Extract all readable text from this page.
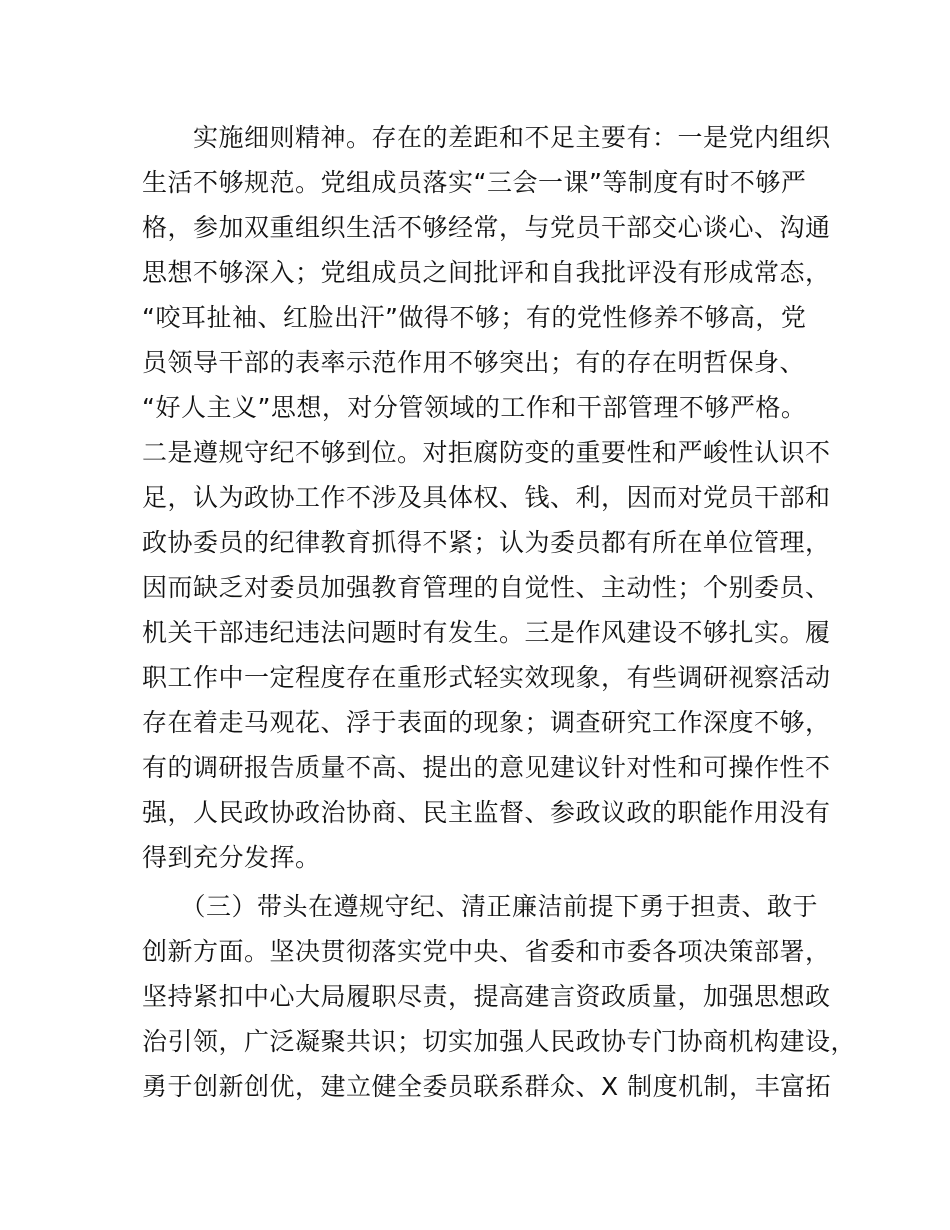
　　实施细则精神。存在的差距和不足主要有：一是党内组织
生活不够规范。党组成员落实“三会一课”等制度有时不够严
格，参加双重组织生活不够经常，与党员干部交心谈心、沟通
思想不够深入；党组成员之间批评和自我批评没有形成常态，
“咬耳扯袖、红脸出汗”做得不够；有的党性修养不够高，党
员领导干部的表率示范作用不够突出；有的存在明哲保身、
“好人主义”思想，对分管领域的工作和干部管理不够严格。
二是遵规守纪不够到位。对拒腐防变的重要性和严峻性认识不
足，认为政协工作不涉及具体权、钱、利，因而对党员干部和
政协委员的纪律教育抓得不紧；认为委员都有所在单位管理，
因而缺乏对委员加强教育管理的自觉性、主动性；个别委员、
机关干部违纪违法问题时有发生。三是作风建设不够扎实。履
职工作中一定程度存在重形式轻实效现象，有些调研视察活动
存在着走马观花、浮于表面的现象；调查研究工作深度不够，
有的调研报告质量不高、提出的意见建议针对性和可操作性不
强，人民政协政治协商、民主监督、参政议政的职能作用没有
得到充分发挥。
　　（三）带头在遵规守纪、清正廉洁前提下勇于担责、敢于
创新方面。坚决贯彻落实党中央、省委和市委各项决策部署，
坚持紧扣中心大局履职尽责，提高建言资政质量，加强思想政
治引领，广泛凝聚共识；切实加强人民政协专门协商机构建设，
勇于创新创优，建立健全委员联系群众、X 制度机制，丰富拓
